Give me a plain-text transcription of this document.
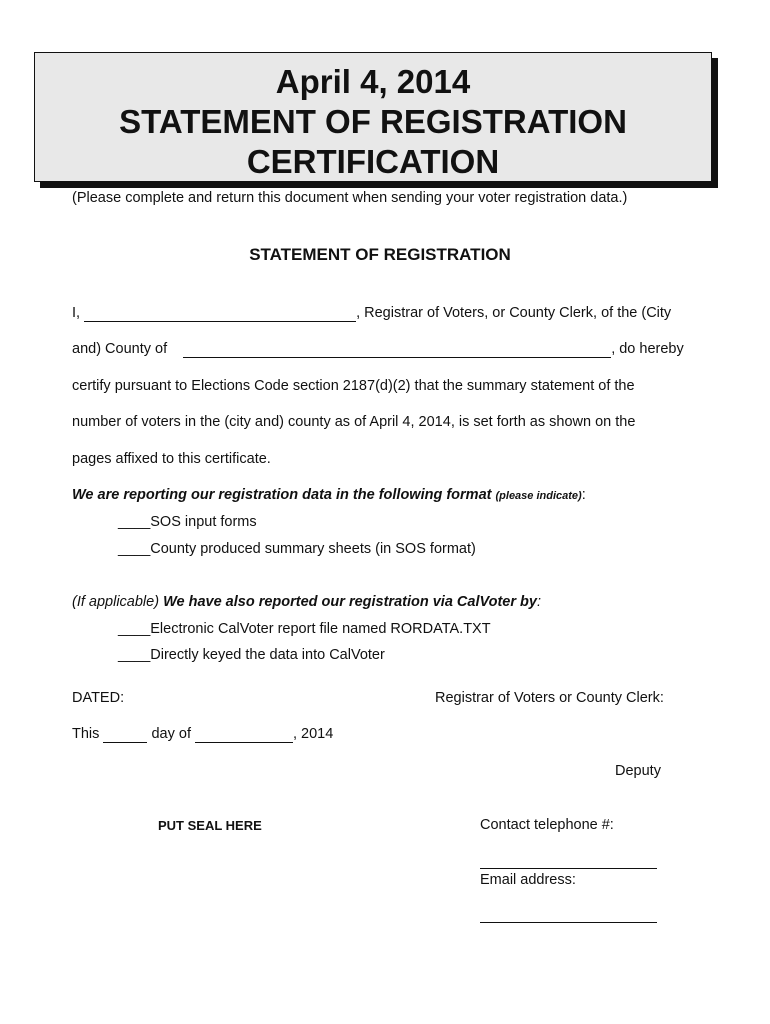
April 4, 2014
STATEMENT OF REGISTRATION
CERTIFICATION
(Please complete and return this document when sending your voter registration data.)
STATEMENT OF REGISTRATION
I,	, Registrar of Voters, or County Clerk, of the (City
and) County of	, do hereby
certify pursuant to Elections Code section 2187(d)(2) that the summary statement of the
number of voters in the (city and) county as of April 4, 2014, is set forth as shown on the
pages affixed to this certificate.
We are reporting our registration data in the following format (please indicate):
____SOS input forms
____County produced summary sheets (in SOS format)
(If applicable) We have also reported our registration via CalVoter by:
____Electronic CalVoter report file named RORDATA.TXT
____Directly keyed the data into CalVoter
DATED:	Registrar of Voters or County Clerk:
This	day of	, 2014
Deputy
PUT SEAL HERE	Contact telephone #:
Email address:
